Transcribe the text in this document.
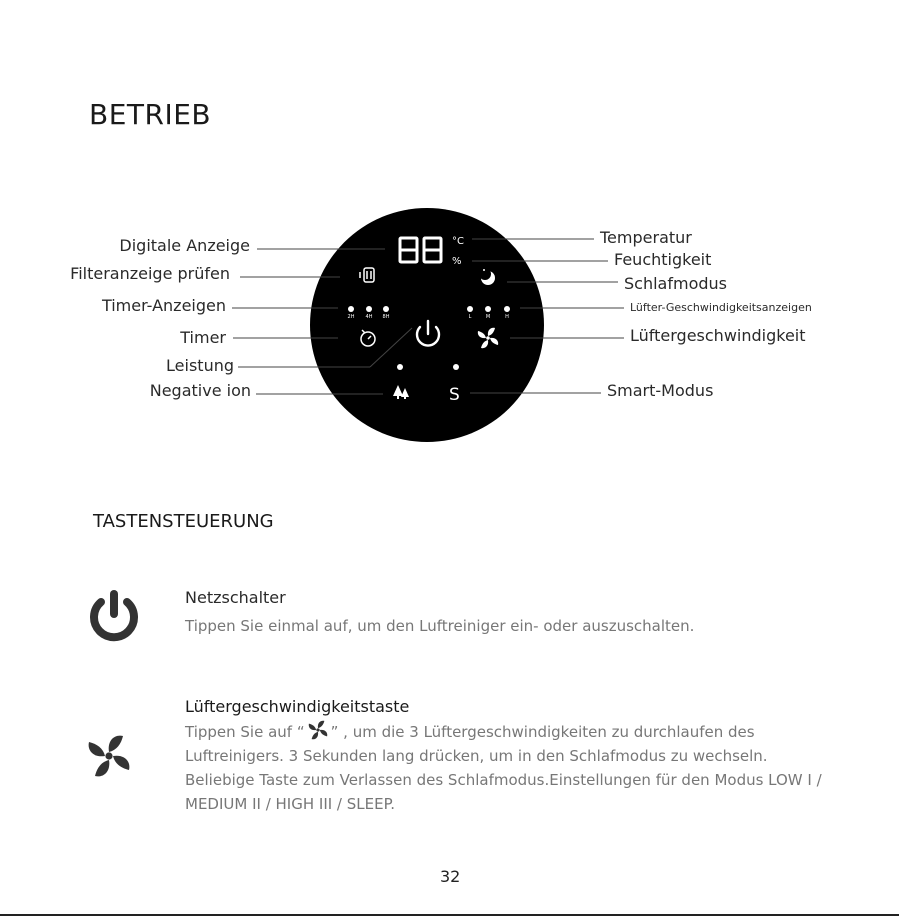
BETRIEB
°C
%
2H 4H 8H	L	M	H
S
Digitale Anzeige
Filteranzeige prüfen
Timer-Anzeigen
Timer
Leistung
Negative ion
Temperatur
Feuchtigkeit
Schlafmodus
Lüfter-Geschwindigkeitsanzeigen
Lüftergeschwindigkeit
Smart-Modus
TASTENSTEUERUNG
Netzschalter
Tippen Sie einmal auf, um den Luftreiniger ein- oder auszuschalten.
Lüftergeschwindigkeitstaste
Tippen Sie auf “ ” , um die 3 Lüftergeschwindigkeiten zu durchlaufen des Luftreinigers. 3 Sekunden lang drücken, um in den Schlafmodus zu wechseln. Beliebige Taste zum Verlassen des Schlafmodus.Einstellungen für den Modus LOW I / MEDIUM II / HIGH III / SLEEP.
32
